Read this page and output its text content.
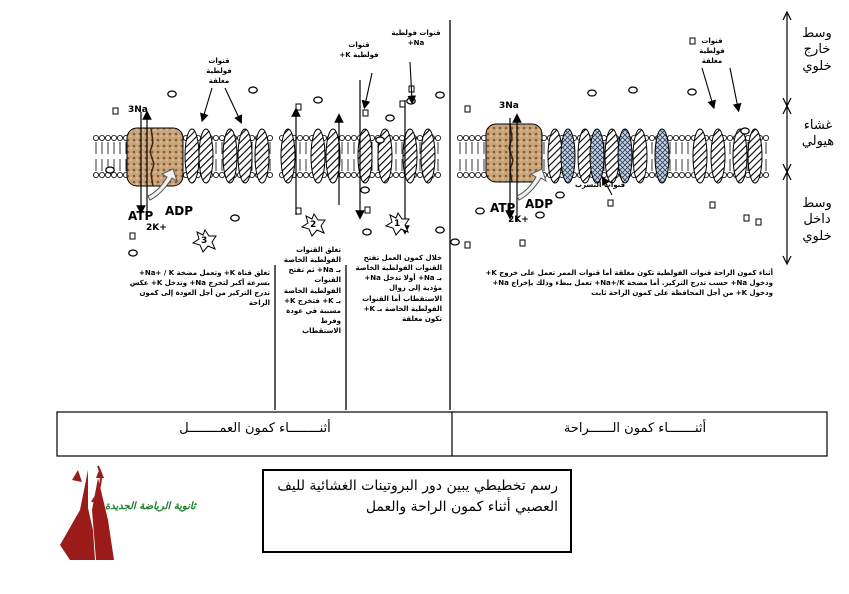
وسط خارج خلوي
غشاء هيولي
وسط داخل خلوي
قنوات فولطية مغلقة
قنوات فولطية K+
قنوات فولطية Na+	قنوات فولطية مغلقة
قنوات التسرب
3Na
ATP ADP
2K+
3Na
ATP ADP
2K+
3
2	1
تغلق قناة K+ وتعمل مضخة Na+ / K+ بسرعة أكبر لتخرج Na+ وتدخل K+ عكس تدرج التركيز من أجل العودة إلى كمون الراحة
تغلق القنوات الفولطية الخاصة بـ Na+ ثم تفتح القنوات الفولطية الخاصة بـ K+ فتخرج K+ مسببة في عودة وفرط الاستقطاب
خلال كمون العمل تفتح القنوات الفولطية الخاصة بـ Na+ أولا تدخل Na+ مؤدية إلى زوال الاستقطاب أما القنوات الفولطية الخاصة بـ K+ تكون مغلقة
أثناء كمون الراحة قنوات الفولطية تكون مغلقة أما قنوات الممر تعمل على خروج K+ ودخول Na+ حسب تدرج التركيز. أما مضخة Na+/K+ تعمل ببطء وذلك بإخراج Na+ ودخول K+ من أجل المحافظة على كمون الراحة ثابت
أثنــــــــاء كمون العمــــــــل	أثنـــــــاء كمون الــــــراحة
رسم تخطيطي يبين دور البروتينات الغشائية لليف العصبي أثناء كمون الراحة والعمل
ثانوية الرياضة الجديدة
